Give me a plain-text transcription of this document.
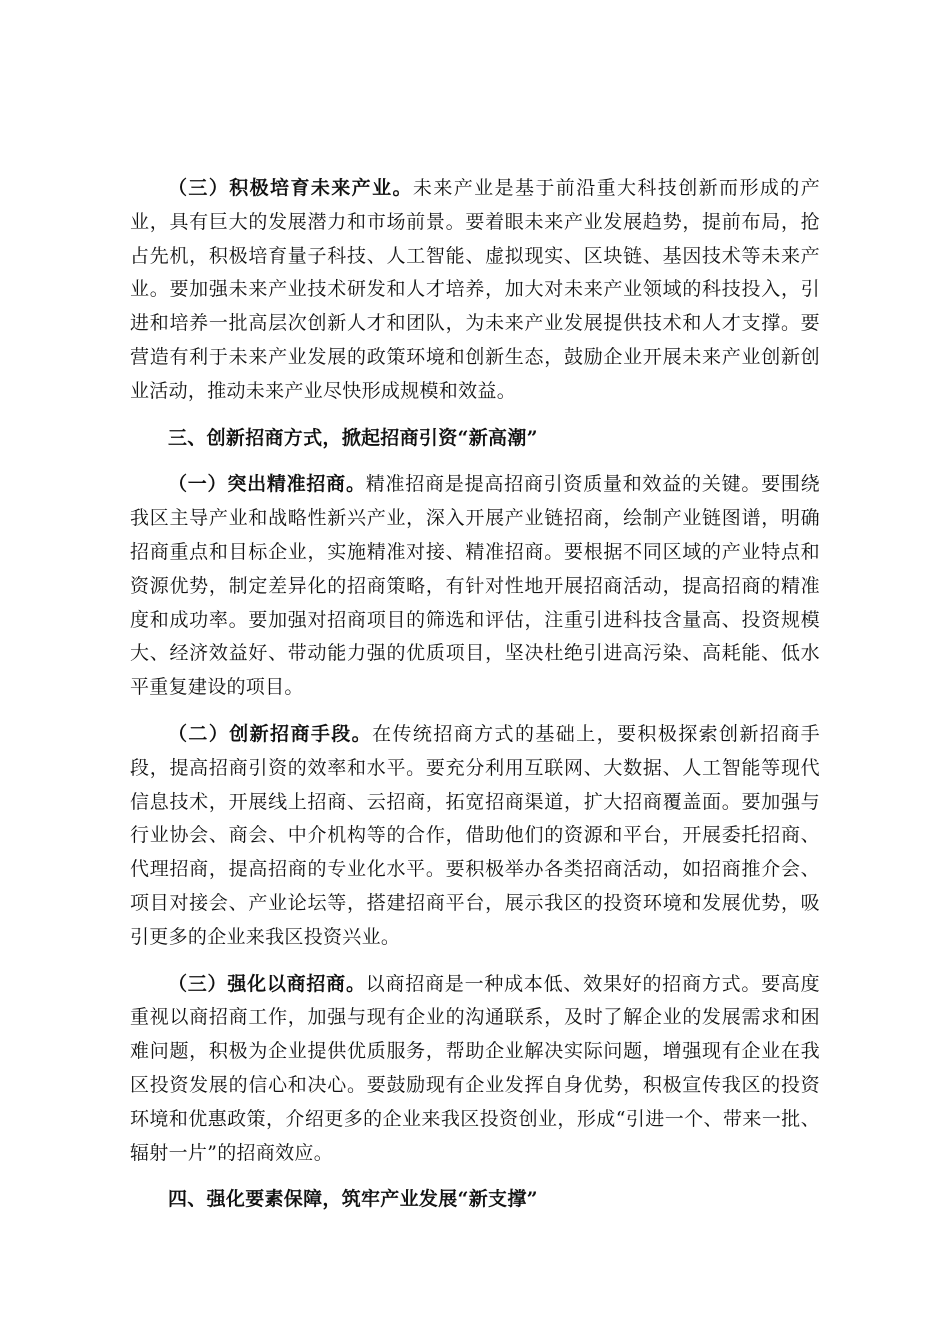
（三）积极培育未来产业。未来产业是基于前沿重大科技创新而形成的产业，具有巨大的发展潜力和市场前景。要着眼未来产业发展趋势，提前布局，抢占先机，积极培育量子科技、人工智能、虚拟现实、区块链、基因技术等未来产业。要加强未来产业技术研发和人才培养，加大对未来产业领域的科技投入，引进和培养一批高层次创新人才和团队，为未来产业发展提供技术和人才支撑。要营造有利于未来产业发展的政策环境和创新生态，鼓励企业开展未来产业创新创业活动，推动未来产业尽快形成规模和效益。

三、创新招商方式，掀起招商引资“新高潮”

（一）突出精准招商。精准招商是提高招商引资质量和效益的关键。要围绕我区主导产业和战略性新兴产业，深入开展产业链招商，绘制产业链图谱，明确招商重点和目标企业，实施精准对接、精准招商。要根据不同区域的产业特点和资源优势，制定差异化的招商策略，有针对性地开展招商活动，提高招商的精准度和成功率。要加强对招商项目的筛选和评估，注重引进科技含量高、投资规模大、经济效益好、带动能力强的优质项目，坚决杜绝引进高污染、高耗能、低水平重复建设的项目。

（二）创新招商手段。在传统招商方式的基础上，要积极探索创新招商手段，提高招商引资的效率和水平。要充分利用互联网、大数据、人工智能等现代信息技术，开展线上招商、云招商，拓宽招商渠道，扩大招商覆盖面。要加强与行业协会、商会、中介机构等的合作，借助他们的资源和平台，开展委托招商、代理招商，提高招商的专业化水平。要积极举办各类招商活动，如招商推介会、项目对接会、产业论坛等，搭建招商平台，展示我区的投资环境和发展优势，吸引更多的企业来我区投资兴业。

（三）强化以商招商。以商招商是一种成本低、效果好的招商方式。要高度重视以商招商工作，加强与现有企业的沟通联系，及时了解企业的发展需求和困难问题，积极为企业提供优质服务，帮助企业解决实际问题，增强现有企业在我区投资发展的信心和决心。要鼓励现有企业发挥自身优势，积极宣传我区的投资环境和优惠政策，介绍更多的企业来我区投资创业，形成“引进一个、带来一批、辐射一片”的招商效应。

四、强化要素保障，筑牢产业发展“新支撑”
